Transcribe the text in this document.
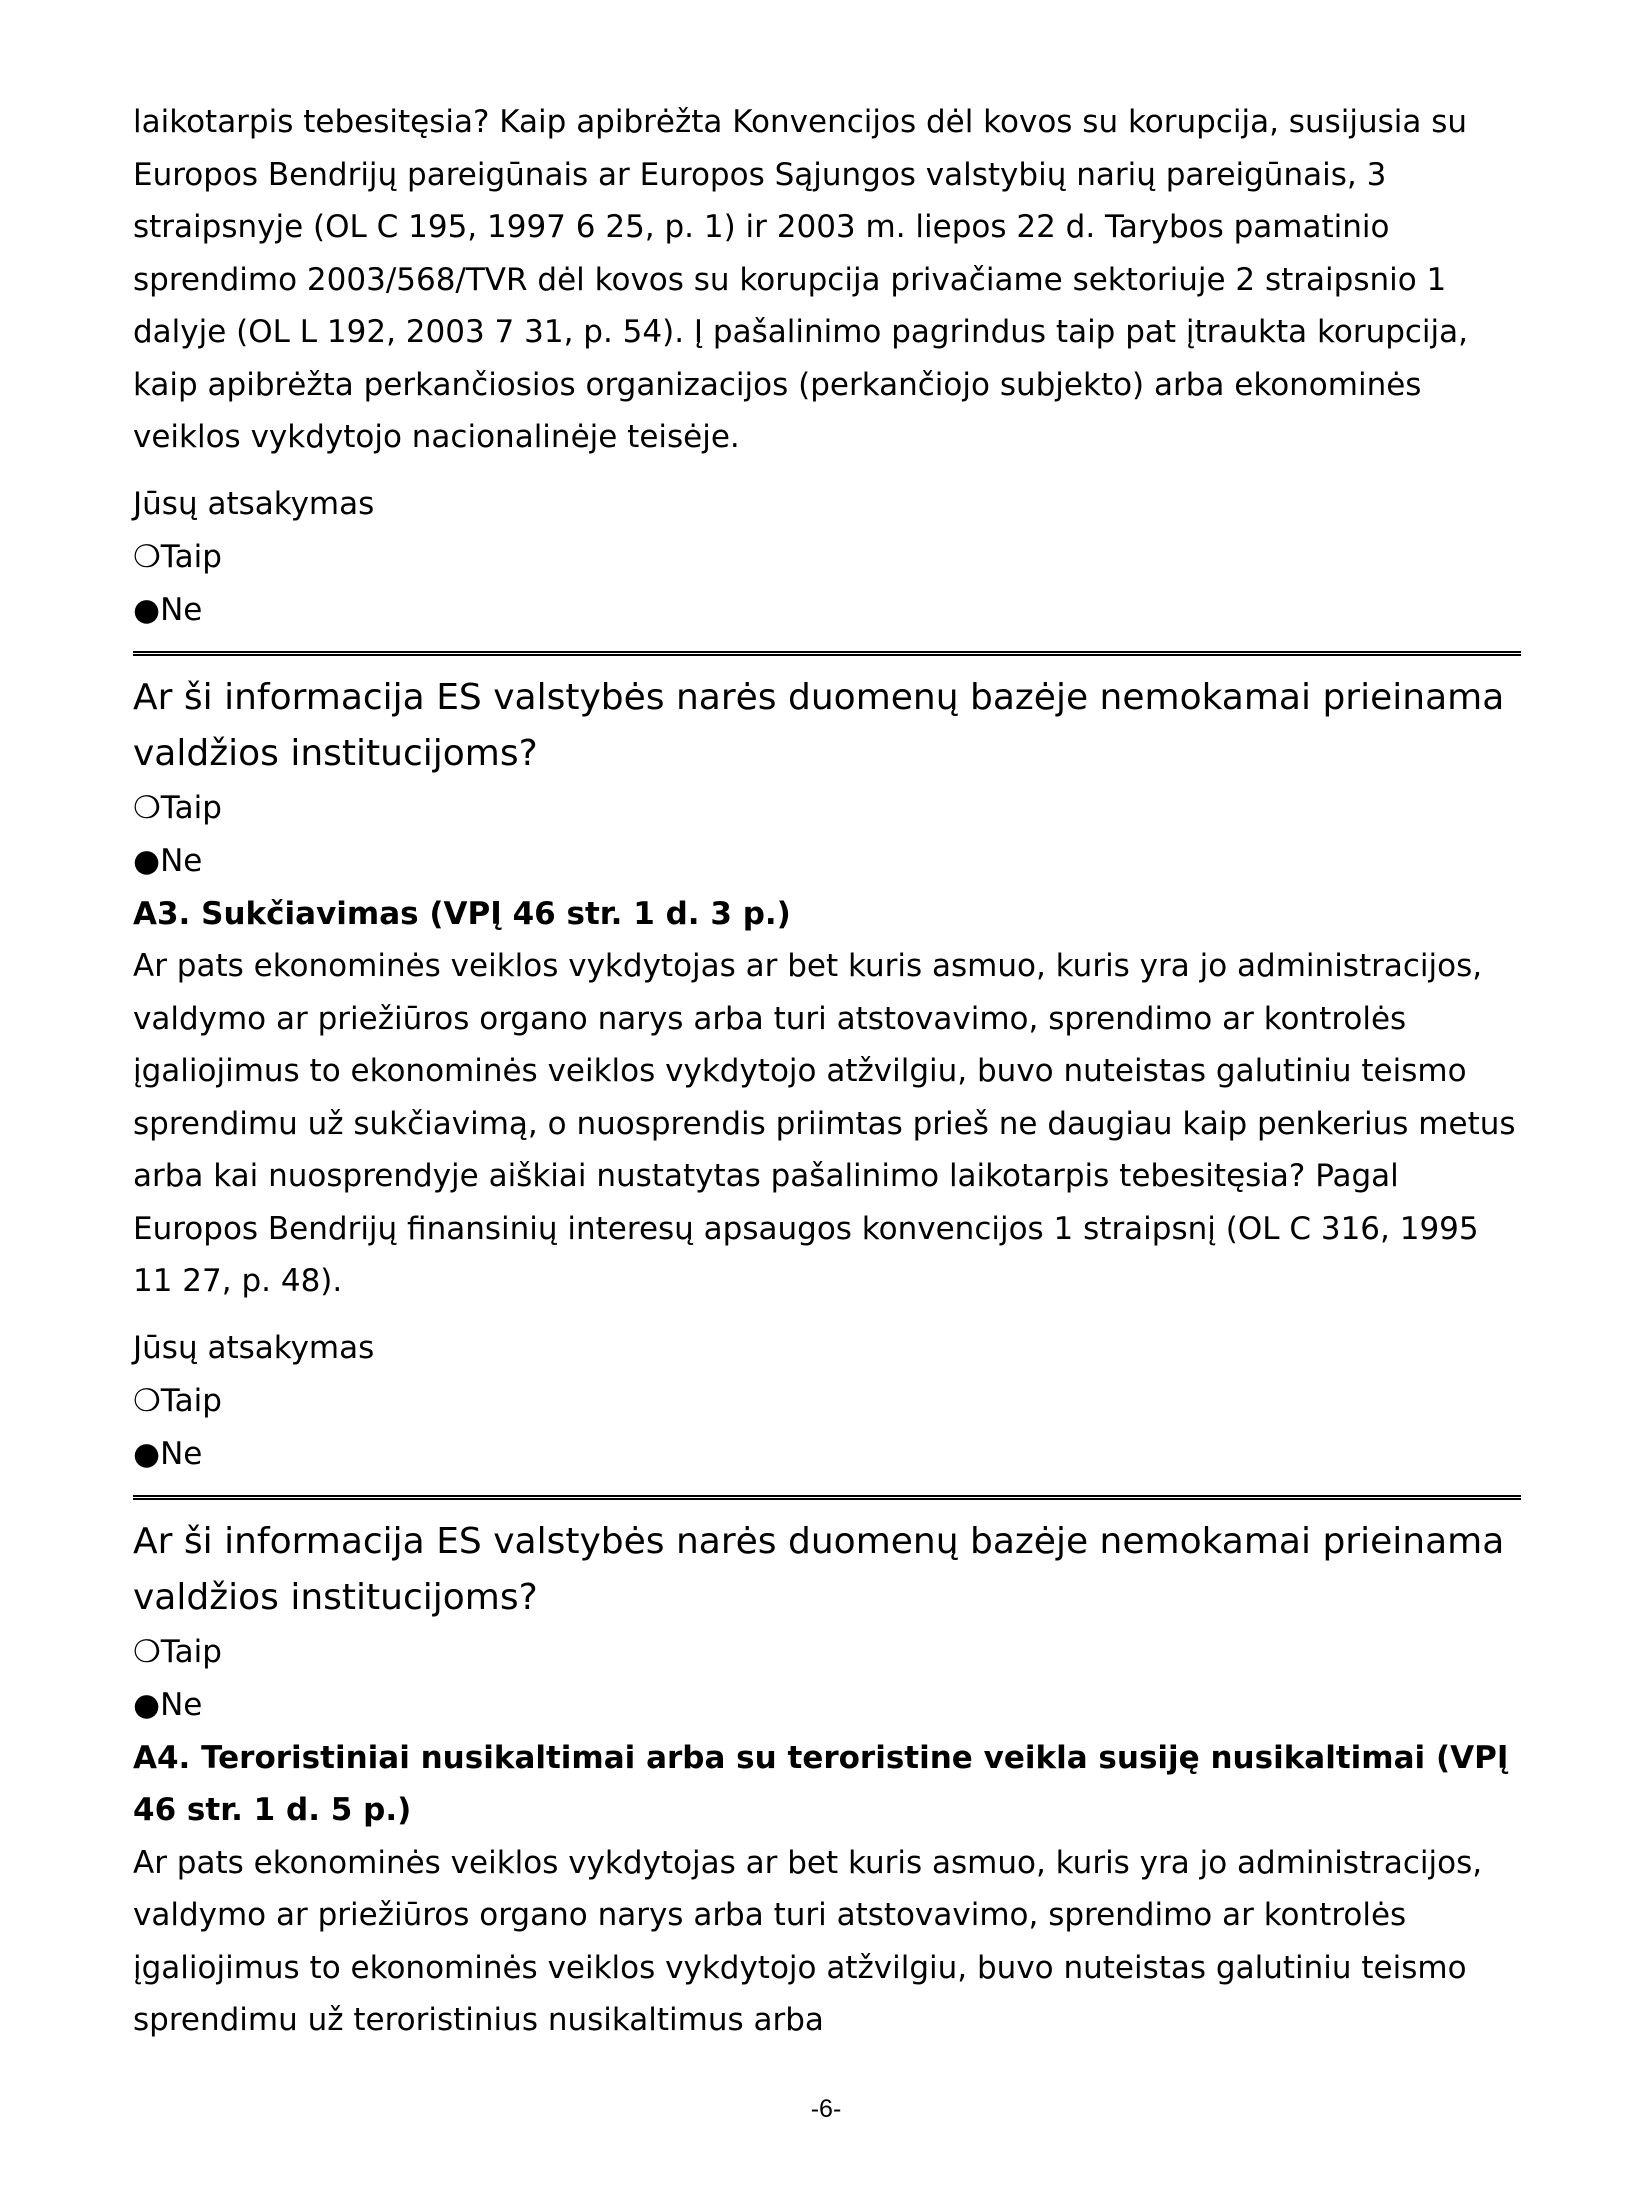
laikotarpis tebesitęsia? Kaip apibrėžta Konvencijos dėl kovos su korupcija, susijusia su Europos Bendrijų pareigūnais ar Europos Sąjungos valstybių narių pareigūnais, 3 straipsnyje (OL C 195, 1997 6 25, p. 1) ir 2003 m. liepos 22 d. Tarybos pamatinio sprendimo 2003/568/TVR dėl kovos su korupcija privačiame sektoriuje 2 straipsnio 1 dalyje (OL L 192, 2003 7 31, p. 54). Į pašalinimo pagrindus taip pat įtraukta korupcija, kaip apibrėžta perkančiosios organizacijos (perkančiojo subjekto) arba ekonominės veiklos vykdytojo nacionalinėje teisėje.

Jūsų atsakymas
❍Taip
●Ne
Ar ši informacija ES valstybės narės duomenų bazėje nemokamai prieinama valdžios institucijoms?
❍Taip
●Ne
A3. Sukčiavimas (VPĮ 46 str. 1 d. 3 p.)

Ar pats ekonominės veiklos vykdytojas ar bet kuris asmuo, kuris yra jo administracijos, valdymo ar priežiūros organo narys arba turi atstovavimo, sprendimo ar kontrolės įgaliojimus to ekonominės veiklos vykdytojo atžvilgiu, buvo nuteistas galutiniu teismo sprendimu už sukčiavimą, o nuosprendis priimtas prieš ne daugiau kaip penkerius metus arba kai nuosprendyje aiškiai nustatytas pašalinimo laikotarpis tebesitęsia? Pagal Europos Bendrijų finansinių interesų apsaugos konvencijos 1 straipsnį (OL C 316, 1995 11 27, p. 48).

Jūsų atsakymas
❍Taip
●Ne
Ar ši informacija ES valstybės narės duomenų bazėje nemokamai prieinama valdžios institucijoms?
❍Taip
●Ne
A4. Teroristiniai nusikaltimai arba su teroristine veikla susiję nusikaltimai (VPĮ 46 str. 1 d. 5 p.)

Ar pats ekonominės veiklos vykdytojas ar bet kuris asmuo, kuris yra jo administracijos, valdymo ar priežiūros organo narys arba turi atstovavimo, sprendimo ar kontrolės įgaliojimus to ekonominės veiklos vykdytojo atžvilgiu, buvo nuteistas galutiniu teismo sprendimu už teroristinius nusikaltimus arba

-6-
